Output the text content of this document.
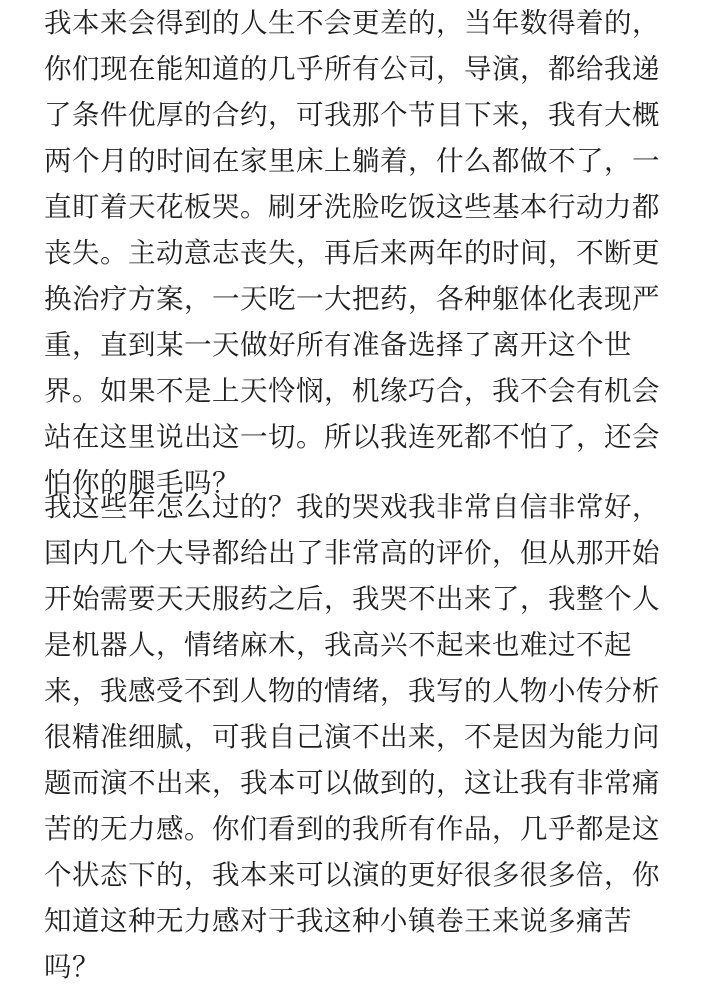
我本来会得到的人生不会更差的，当年数得着的，
你们现在能知道的几乎所有公司，导演，都给我递
了条件优厚的合约，可我那个节目下来，我有大概
两个月的时间在家里床上躺着，什么都做不了，一
直盯着天花板哭。刷牙洗脸吃饭这些基本行动力都
丧失。主动意志丧失，再后来两年的时间，不断更
换治疗方案，一天吃一大把药，各种躯体化表现严
重，直到某一天做好所有准备选择了离开这个世
界。如果不是上天怜悯，机缘巧合，我不会有机会
站在这里说出这一切。所以我连死都不怕了，还会
怕你的腿毛吗？
我这些年怎么过的？我的哭戏我非常自信非常好，
国内几个大导都给出了非常高的评价，但从那开始
开始需要天天服药之后，我哭不出来了，我整个人
是机器人，情绪麻木，我高兴不起来也难过不起
来，我感受不到人物的情绪，我写的人物小传分析
很精准细腻，可我自己演不出来，不是因为能力问
题而演不出来，我本可以做到的，这让我有非常痛
苦的无力感。你们看到的我所有作品，几乎都是这
个状态下的，我本来可以演的更好很多很多倍，你
知道这种无力感对于我这种小镇卷王来说多痛苦
吗？
